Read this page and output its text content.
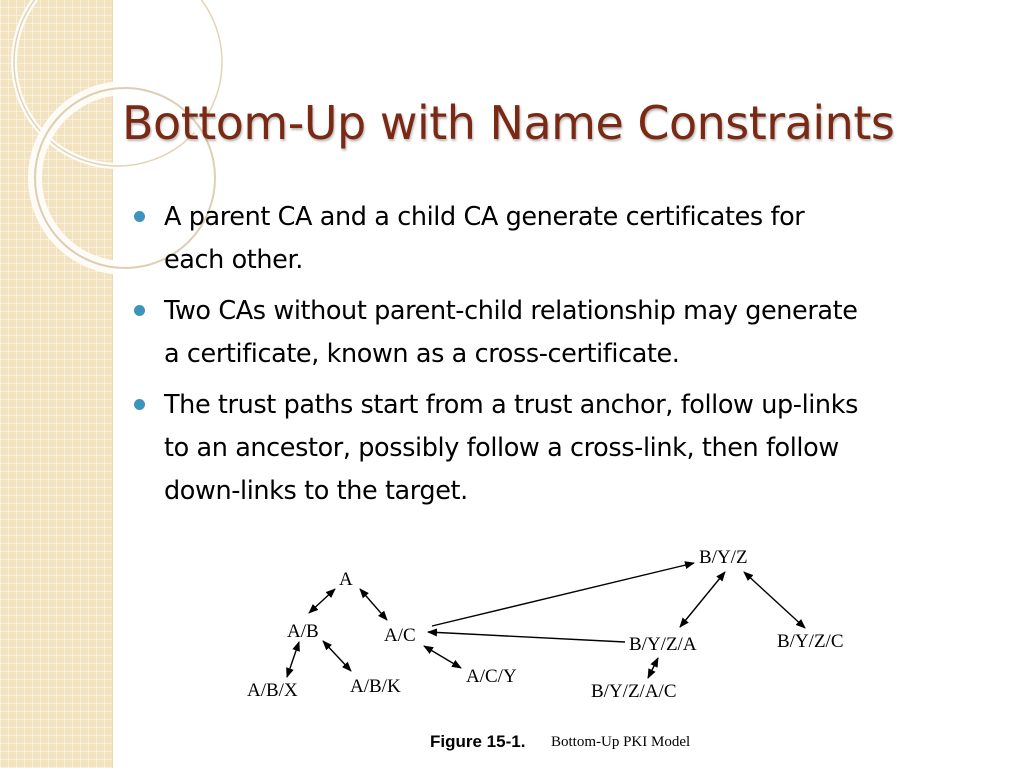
Bottom-Up with Name Constraints
A parent CA and a child CA generate certificates for
each other.
Two CAs without parent-child relationship may generate
a certificate, known as a cross-certificate.
The trust paths start from a trust anchor, follow up-links
to an ancestor, possibly follow a cross-link, then follow
down-links to the target.
A
A/B	A/C
A/B/X	A/B/K	A/C/Y
B/Y/Z
B/Y/Z/A	B/Y/Z/C
B/Y/Z/A/C
Figure 15-1. Bottom-Up PKI Model
